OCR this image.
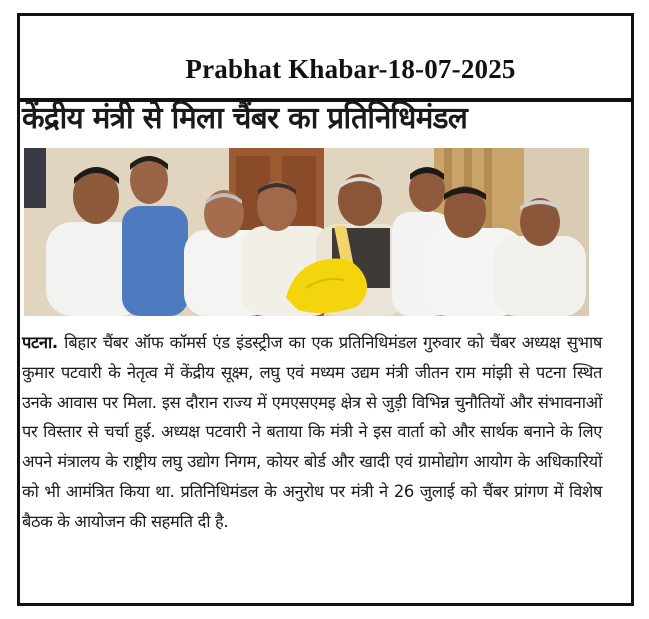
Prabhat Khabar-18-07-2025
केंद्रीय मंत्री से मिला चैंबर का प्रतिनिधिमंडल
पटना. बिहार चैंबर ऑफ कॉमर्स एंड इंडस्ट्रीज का एक प्रतिनिधिमंडल गुरुवार को चैंबर अध्यक्ष सुभाष कुमार पटवारी के नेतृत्व में केंद्रीय सूक्ष्म, लघु एवं मध्यम उद्यम मंत्री जीतन राम मांझी से पटना स्थित उनके आवास पर मिला. इस दौरान राज्य में एमएसएमइ क्षेत्र से जुड़ी विभिन्न चुनौतियों और संभावनाओं पर विस्तार से चर्चा हुई. अध्यक्ष पटवारी ने बताया कि मंत्री ने इस वार्ता को और सार्थक बनाने के लिए अपने मंत्रालय के राष्ट्रीय लघु उद्योग निगम, कोयर बोर्ड और खादी एवं ग्रामोद्योग आयोग के अधिकारियों को भी आमंत्रित किया था. प्रतिनिधिमंडल के अनुरोध पर मंत्री ने 26 जुलाई को चैंबर प्रांगण में विशेष बैठक के आयोजन की सहमति दी है.
